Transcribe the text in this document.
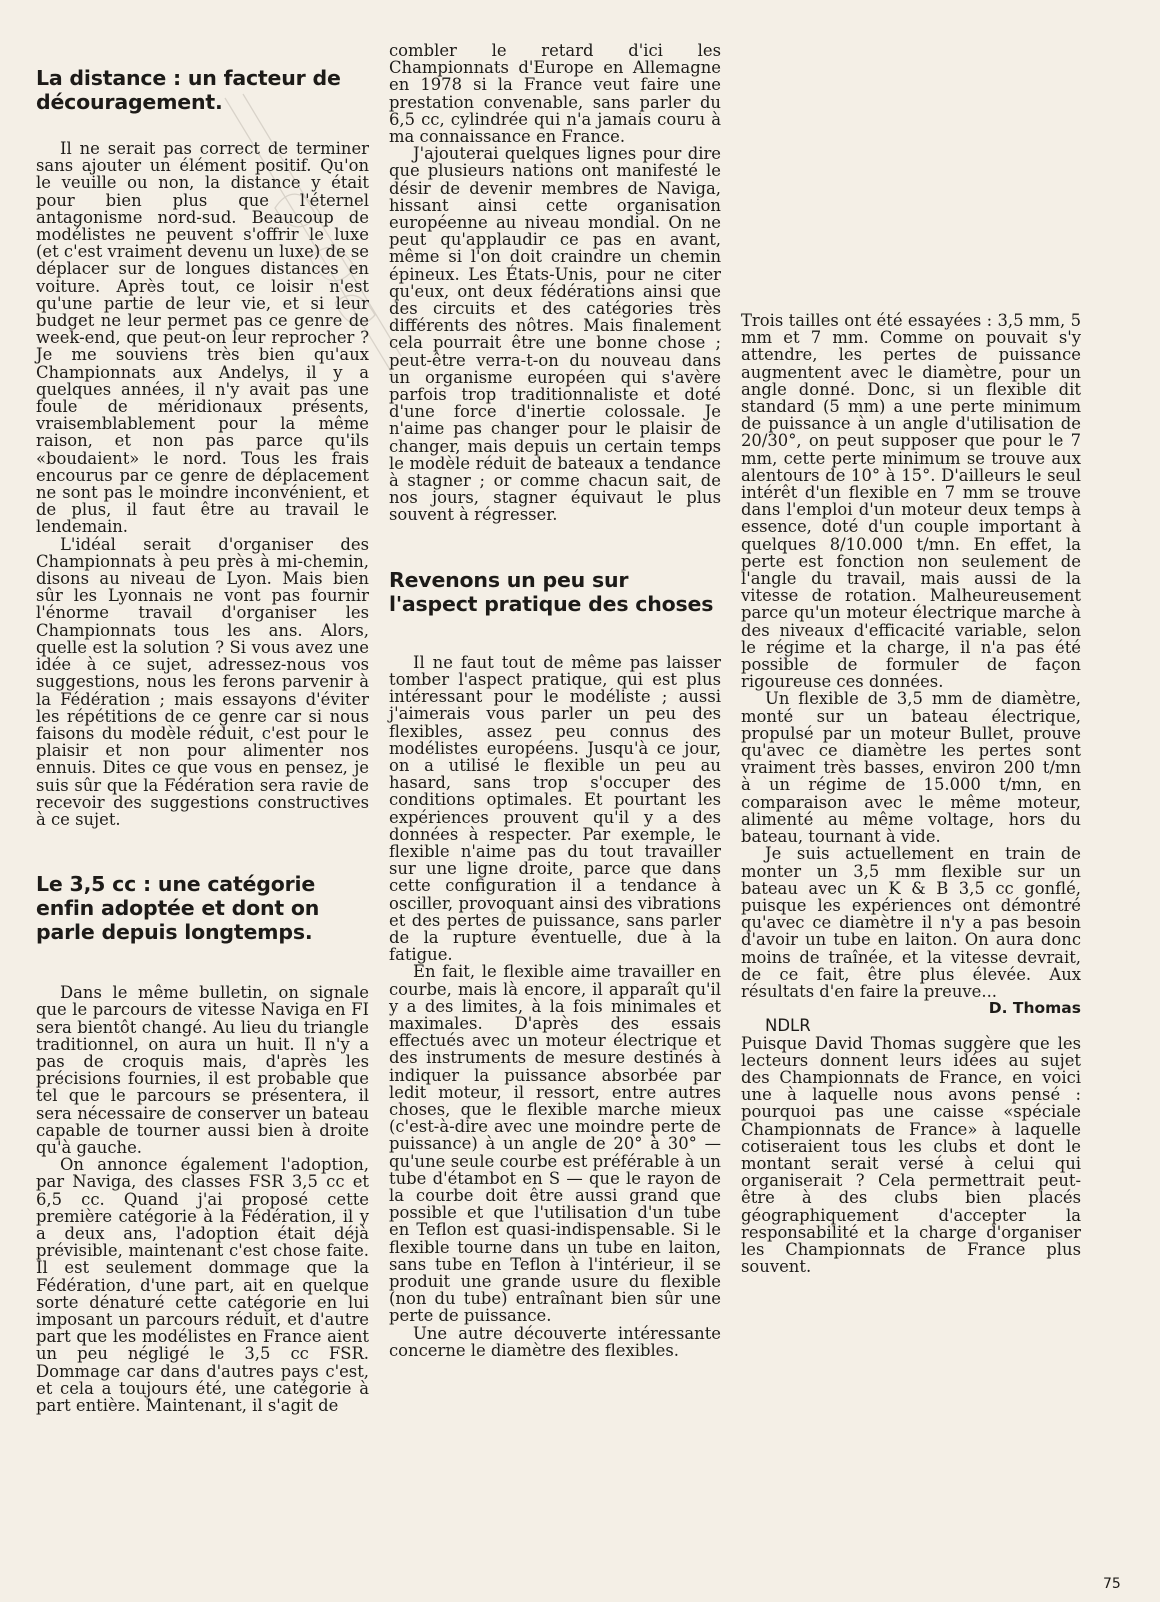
La distance : un facteur de découragement.

Il ne serait pas correct de terminer sans ajouter un élément positif. Qu'on le veuille ou non, la distance y était pour bien plus que l'éternel antagonisme nord-sud. Beaucoup de modélistes ne peuvent s'offrir le luxe (et c'est vraiment devenu un luxe) de se déplacer sur de longues distances en voiture. Après tout, ce loisir n'est qu'une partie de leur vie, et si leur budget ne leur permet pas ce genre de week-end, que peut-on leur reprocher ? Je me souviens très bien qu'aux Championnats aux Andelys, il y a quelques années, il n'y avait pas une foule de méridionaux présents, vraisemblablement pour la même raison, et non pas parce qu'ils «boudaient» le nord. Tous les frais encourus par ce genre de déplacement ne sont pas le moindre inconvénient, et de plus, il faut être au travail le lendemain.

L'idéal serait d'organiser des Championnats à peu près à mi-chemin, disons au niveau de Lyon. Mais bien sûr les Lyonnais ne vont pas fournir l'énorme travail d'organiser les Championnats tous les ans. Alors, quelle est la solution ? Si vous avez une idée à ce sujet, adressez-nous vos suggestions, nous les ferons parvenir à la Fédération ; mais essayons d'éviter les répétitions de ce genre car si nous faisons du modèle réduit, c'est pour le plaisir et non pour alimenter nos ennuis. Dites ce que vous en pensez, je suis sûr que la Fédération sera ravie de recevoir des suggestions constructives à ce sujet.

Le 3,5 cc : une catégorie enfin adoptée et dont on parle depuis longtemps.

Dans le même bulletin, on signale que le parcours de vitesse Naviga en FI sera bientôt changé. Au lieu du triangle traditionnel, on aura un huit. Il n'y a pas de croquis mais, d'après les précisions fournies, il est probable que tel que le parcours se présentera, il sera nécessaire de conserver un bateau capable de tourner aussi bien à droite qu'à gauche.

On annonce également l'adoption, par Naviga, des classes FSR 3,5 cc et 6,5 cc. Quand j'ai proposé cette première catégorie à la Fédération, il y a deux ans, l'adoption était déjà prévisible, maintenant c'est chose faite. Il est seulement dommage que la Fédération, d'une part, ait en quelque sorte dénaturé cette catégorie en lui imposant un parcours réduit, et d'autre part que les modélistes en France aient un peu négligé le 3,5 cc FSR. Dommage car dans d'autres pays c'est, et cela a toujours été, une catégorie à part entière. Maintenant, il s'agit de

combler le retard d'ici les Championnats d'Europe en Allemagne en 1978 si la France veut faire une prestation convenable, sans parler du 6,5 cc, cylindrée qui n'a jamais couru à ma connaissance en France.

J'ajouterai quelques lignes pour dire que plusieurs nations ont manifesté le désir de devenir membres de Naviga, hissant ainsi cette organisation européenne au niveau mondial. On ne peut qu'applaudir ce pas en avant, même si l'on doit craindre un chemin épineux. Les États-Unis, pour ne citer qu'eux, ont deux fédérations ainsi que des circuits et des catégories très différents des nôtres. Mais finalement cela pourrait être une bonne chose ; peut-être verra-t-on du nouveau dans un organisme européen qui s'avère parfois trop traditionnaliste et doté d'une force d'inertie colossale. Je n'aime pas changer pour le plaisir de changer, mais depuis un certain temps le modèle réduit de bateaux a tendance à stagner ; or comme chacun sait, de nos jours, stagner équivaut le plus souvent à régresser.

Revenons un peu sur l'aspect pratique des choses

Il ne faut tout de même pas laisser tomber l'aspect pratique, qui est plus intéressant pour le modéliste ; aussi j'aimerais vous parler un peu des flexibles, assez peu connus des modélistes européens. Jusqu'à ce jour, on a utilisé le flexible un peu au hasard, sans trop s'occuper des conditions optimales. Et pourtant les expériences prouvent qu'il y a des données à respecter. Par exemple, le flexible n'aime pas du tout travailler sur une ligne droite, parce que dans cette configuration il a tendance à osciller, provoquant ainsi des vibrations et des pertes de puissance, sans parler de la rupture éventuelle, due à la fatigue.

En fait, le flexible aime travailler en courbe, mais là encore, il apparaît qu'il y a des limites, à la fois minimales et maximales. D'après des essais effectués avec un moteur électrique et des instruments de mesure destinés à indiquer la puissance absorbée par ledit moteur, il ressort, entre autres choses, que le flexible marche mieux (c'est-à-dire avec une moindre perte de puissance) à un angle de 20° à 30° — qu'une seule courbe est préférable à un tube d'étambot en S — que le rayon de la courbe doit être aussi grand que possible et que l'utilisation d'un tube en Teflon est quasi-indispensable. Si le flexible tourne dans un tube en laiton, sans tube en Teflon à l'intérieur, il se produit une grande usure du flexible (non du tube) entraînant bien sûr une perte de puissance.

Une autre découverte intéressante concerne le diamètre des flexibles.

Trois tailles ont été essayées : 3,5 mm, 5 mm et 7 mm. Comme on pouvait s'y attendre, les pertes de puissance augmentent avec le diamètre, pour un angle donné. Donc, si un flexible dit standard (5 mm) a une perte minimum de puissance à un angle d'utilisation de 20/30°, on peut supposer que pour le 7 mm, cette perte minimum se trouve aux alentours de 10° à 15°. D'ailleurs le seul intérêt d'un flexible en 7 mm se trouve dans l'emploi d'un moteur deux temps à essence, doté d'un couple important à quelques 8/10.000 t/mn. En effet, la perte est fonction non seulement de l'angle du travail, mais aussi de la vitesse de rotation. Malheureusement parce qu'un moteur électrique marche à des niveaux d'efficacité variable, selon le régime et la charge, il n'a pas été possible de formuler de façon rigoureuse ces données.

Un flexible de 3,5 mm de diamètre, monté sur un bateau électrique, propulsé par un moteur Bullet, prouve qu'avec ce diamètre les pertes sont vraiment très basses, environ 200 t/mn à un régime de 15.000 t/mn, en comparaison avec le même moteur, alimenté au même voltage, hors du bateau, tournant à vide.

Je suis actuellement en train de monter un 3,5 mm flexible sur un bateau avec un K & B 3,5 cc gonflé, puisque les expériences ont démontré qu'avec ce diamètre il n'y a pas besoin d'avoir un tube en laiton. On aura donc moins de traînée, et la vitesse devrait, de ce fait, être plus élevée. Aux résultats d'en faire la preuve...

D. Thomas

NDLR

Puisque David Thomas suggère que les lecteurs donnent leurs idées au sujet des Championnats de France, en voici une à laquelle nous avons pensé : pourquoi pas une caisse «spéciale Championnats de France» à laquelle cotiseraient tous les clubs et dont le montant serait versé à celui qui organiserait ? Cela permettrait peut-être à des clubs bien placés géographiquement d'accepter la responsabilité et la charge d'organiser les Championnats de France plus souvent.

75
